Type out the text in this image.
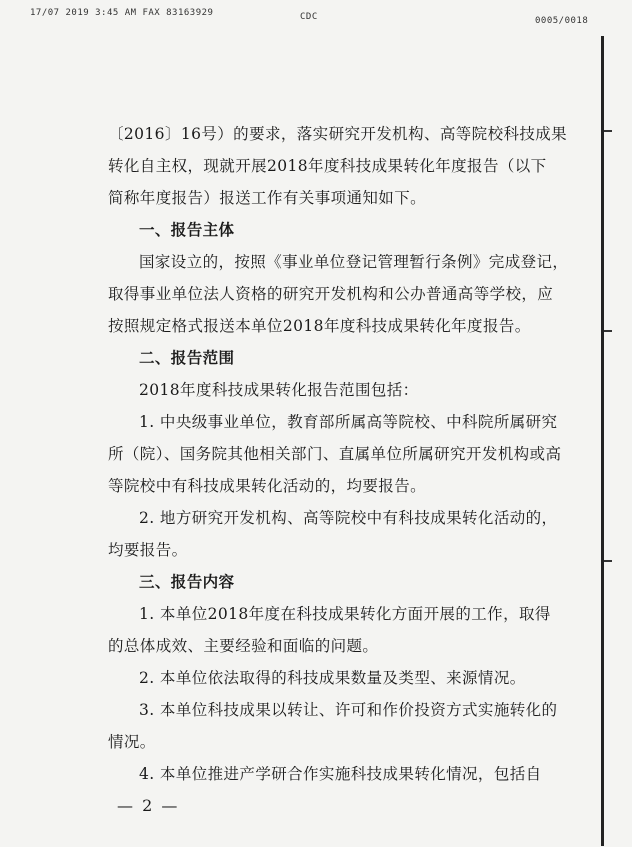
17/07 2019 3:45 AM FAX 83163929	CDC	0005/0018
〔2016〕16号）的要求，落实研究开发机构、高等院校科技成果
转化自主权，现就开展2018年度科技成果转化年度报告（以下
简称年度报告）报送工作有关事项通知如下。
一、报告主体
国家设立的，按照《事业单位登记管理暂行条例》完成登记，
取得事业单位法人资格的研究开发机构和公办普通高等学校，应
按照规定格式报送本单位2018年度科技成果转化年度报告。
二、报告范围
2018年度科技成果转化报告范围包括：
1. 中央级事业单位，教育部所属高等院校、中科院所属研究
所（院）、国务院其他相关部门、直属单位所属研究开发机构或高
等院校中有科技成果转化活动的，均要报告。
2. 地方研究开发机构、高等院校中有科技成果转化活动的，
均要报告。
三、报告内容
1. 本单位2018年度在科技成果转化方面开展的工作，取得
的总体成效、主要经验和面临的问题。
2. 本单位依法取得的科技成果数量及类型、来源情况。
3. 本单位科技成果以转让、许可和作价投资方式实施转化的
情况。
4. 本单位推进产学研合作实施科技成果转化情况，包括自
— 2 —
